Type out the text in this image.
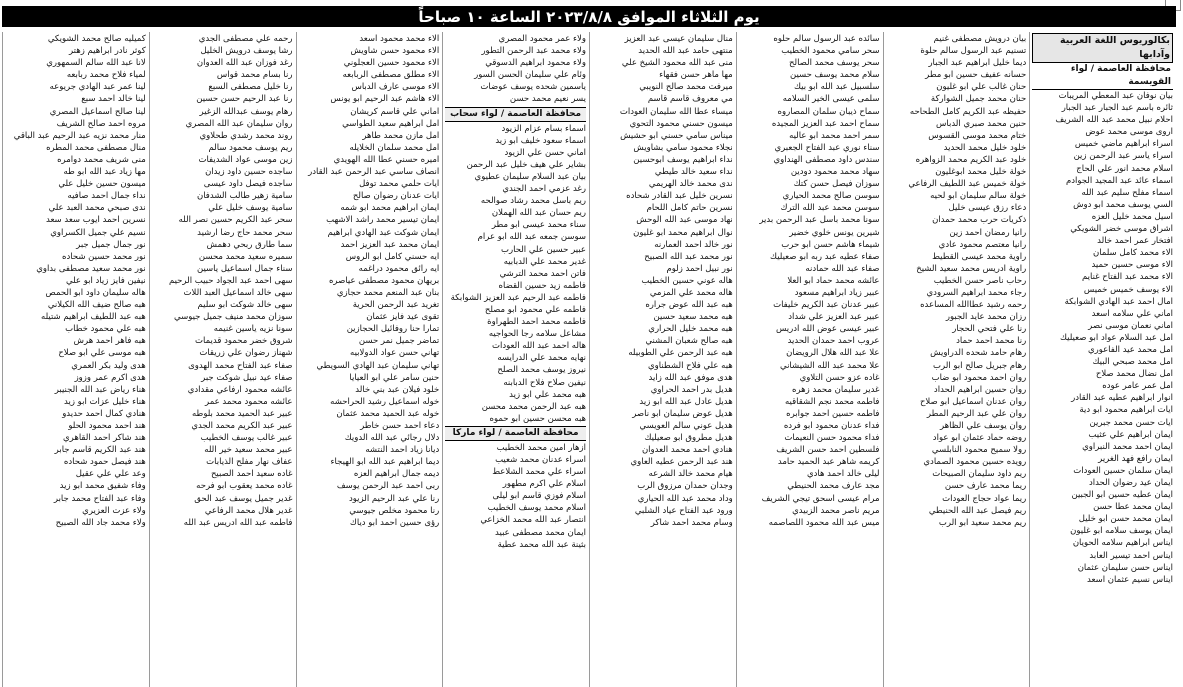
يوم الثلاثاء الموافق ٢٠٢٣/٨/٨ الساعة ١٠ صباحاً
بكالوريوس اللغة العربية وآدابها
محافظة العاصمة / لواء القويسمة
بيان نوفان عبد المعطي المريبات
ثائره باسم عبد الجبار عبد الجبار
احلام نبيل محمد عبد الله الشريف
اروى موسى محمد عوض
اسراء ابراهيم ماضي خميس
اسراء ياسر عبد الرحمن زين
اسلام محمد انور علي الحاج
اسماء عائد عبد المجيد الجوادم
اسماء مفلح سليم عبد الله
السي يوسف محمد ابو دوش
اسيل محمد خليل العزه
اشراق موسى خضر الشويكي
افتخار عمر احمد خالد
الاء محمد كامل سلمان
الاء موسى حسين حميد
الاء محمد عبد الفتاح غنايم
الاء يوسف خميس خميس
امال احمد عبد الهادي الشوابكة
اماني علي سلامه اسعد
اماني نعمان موسى نصر
امل عبد السلام عواد ابو صعيليك
امل محمد عيد الفاعوري
امل محمد صبحي البيك
امل نضال محمد صلاح
امل عمر عامر عوده
انوار ابراهيم عطيه عبد القادر
ايات ابراهيم محمود ابو دية
ايات حسن محمد جبرين
ايمان ابراهيم علي عثيب
ايمان احمد محمد النبراوي
ايمان رافع فهد الغرير
ايمان سلمان حسين العودات
ايمان عيد رضوان الحداد
ايمان عطيه حسين ابو الجبين
ايمان محمد عطا حسن
ايمان محمد حسن ابو خليل
ايمان يوسف سلامه ابو غليون
ايناس ابراهيم سلامه الحويان
ايناس احمد تيسير العابد
ايناس حسن سليمان عثمان
ايناس نسيم عثمان اسعد
بيان درويش مصطفى غنيم
تسنيم عبد الرسول سالم حلوة
ديما خليل ابراهيم عبد الجبار
حسانه عفيف حسين ابو مطر
حنان غالب علي ابو غليون
حنان محمد جميل الشواركة
حفيظه عبد الكريم كامل الطحاحه
حنين محمد صبري الدباس
ختام محمد موسى القسوس
خلود خليل محمد الحديد
خلود عبد الكريم محمد الزواهره
خولة خليل محمد ابوغليون
خولة خميس عبد اللطيف الرفاعي
خولة سالم سليمان ابو لحيه
دعاء رزق عيسى خليل
ذكريات حرب محمد حمدان
رانيا رمضان احمد زين
رانيا معتصم محمود عادي
راوية محمد عيسى القطيط
راوية ادريس محمد سعيد الشيخ
رحاب ناصر حسن الخطيب
رجاء محمد ابراهيم السرودي
رحمه رشيد عطاالله المساعده
رزان محمد عايد الجبور
رنا علي فتحي الحجار
رنا محمد احمد حماد
رهام حامد شحده الدراويش
رهام جبريل صالح ابو الرب
روان احمد محمود ابو ضاب
روان حسين ابراهيم الحداد
روان عدنان اسماعيل ابو صلاح
روان علي عبد الرحيم المطر
روان يوسف علي الظاهر
روضه حماد عثمان ابو عواد
رولا سميح محمود النابلسي
رويده حسين محمود الصمادي
ريم داود سليمان الصبيحات
ريما محمد عارف حسن
ريما عواد حجاج العودات
ريم فيصل عبد الله الحنيطي
ريم محمد سعيد ابو الرب
سائده عبد الرسول سالم حلوه
سحر سامي محمود الخطيب
سحر يوسف محمد الصالح
سلام محمد يوسف حسين
سلسبيل عبد الله ابو بيك
سلمى عيسى الخير السلامه
سماح ذيبان سلمان المصاروه
سماح احمد عبد العزيز المجيده
سمر احمد محمد ابو عاليه
سناء نوري عبد الفتاح الجعبري
سندس داود مصطفى الهنداوي
سهاد محمد محمود دودين
سوزان فيصل حسن كتك
سوسن صالح محمد الحياري
سوسن محمد عبد الله الترك
سونا محمد باسل عبد الرحمن بدير
شيرين يونس خلوي خضير
شيماء هاشم حسن ابو حرب
صفاء عطيه عبد ربه ابو صعيليك
صفاء عبد الله حمادنه
عائشه محمد حماد ابو العلا
عبير زياد ابراهيم مسعود
عبير عدنان عبد الكريم خليفات
عبير عبد العزيز علي شداد
عبير عيسى عوض الله ادريس
عروب احمد حمدان الحديد
علا عبد الله هلال الرويضان
علا محمد عبد الله الشيشاني
غاده عزو حسن التلاوي
غدير سليمان محمد زهره
فاطمه محمد نجم الشقاقيه
فاطمه حسين احمد جوابره
فداء عدنان محمود ابو فرده
فداء محمود حسن النعيمات
فلسطين احمد حسن الشريف
كريمه شاهر عبد الحميد حامد
ليلى خالد احمد هادي
مجد عارف محمد الحنيطي
مرام عيسى اسحق تيجي الشريف
مريم ناصر محمد الزبيدي
ميس عبد الله محمود اللصاصمه
منال سليمان عيسى عبد العزيز
منتهى حامد عبد الله الحديد
منى عبد الله محمود الشيخ علي
مها ماهر حسن فقهاء
ميرفت محمد صالح النويبي
مي معروف قاسم قاسم
ميساء عطا الله سليمان العودات
ميسون حسني محمود التحوي
ميناس سامي حسني ابو حشيش
نجلاء محمود سامي بشاويش
نداء ابراهيم يوسف ابوحسين
نداء سعيد خالد طيطي
ندى محمد خالد الهريمي
نسرين خليل عبد القادر شحاده
نسرين حاتم كامل اللحام
نهاد موسى عبد الله الوحش
نوال ابراهيم محمد ابو غليون
نور خالد احمد العمارنه
نور محمد عبد الله الصبيح
نور نبيل احمد زلوم
هاله عوني حسين الخطيب
هاله محمد علي المزمي
هبه عبد الله عوض جراره
هبه محمد سعيد حسين
هبه محمد خليل الحراري
هبه صالح شعبان المشني
هبه عبد الرحمن علي الطوبيله
هبه علي فلاح الشطناوي
هدى موفق عبد الله زايد
هديل بدر احمد الحراوي
هديل عادل عبد الله ابو زيد
هديل عوض سليمان ابو ناصر
هديل عوني سالم العويسي
هديل مطروق ابو صعيليك
هنادي احمد محمد العدوان
هند عبد الرحمن عطيه العاوي
هيام محمد خالد الشرعه
وجدان حمدان مرزوق الرب
وداد محمد عبد الله الحياري
ورود عبد الفتاح عياد الشلبي
وسام محمد احمد شاكر
ولاء عمر محمود المصري
ولاء محمد عبد الرحمن التطور
ولاء محمود ابراهيم الدسوقي
وئام علي سليمان الحسن السور
ياسمين شحده يوسف عوضات
يسر نعيم محمد حسن
محافظة العاصمة / لواء سحاب
اسماء بسام عزام الزيود
اسماء سعود خليف ابو زيد
اماني حسن علي الزيود
بشاير علي هيف خليل عبد الرحمن
بيان عبد السلام سليمان عطيوي
رغد عزمي احمد الجندي
ريم باسل محمد رشاد صوالحه
ريم حسان عبد الله الهملان
سناء محمد عيسى ابو مطر
سوسن جمعه عبد الله ابو عرام
عبير حسين علي الحارب
غدير محمد علي الدبابيه
فاتن احمد محمد الترشي
فاطمه زيد حسين القضاه
فاطمه عبد الرحيم عبد العزيز الشوابكة
فاطمه علي محمود ابو مصلح
فاطمه محمد احمد الطهراوة
مشاعل سلامه رجا الحواجيه
هاله احمد عبد الله العودات
نهايه محمد علي الدرايسه
نيروز يوسف محمد الصلح
نيفين صلاح فلاح الدبابنه
هبه محمد علي ابو زيد
هبه عبد الرحمن محمد محسن
هبه محسن حسين ابو حموه
محافظة العاصمة / لواء ماركا
ازهار امين محمد الخطيب
اسراء عدنان محمد شعيب
اسراء علي محمد الشلاعط
اسلام علي اكرم مطهور
اسلام فوزي قاسم ابو ليلى
اسلام محمد يوسف الخطيب
انتصار عبد الله محمد الخزاعي
ايمان محمد مصطفى عبيد
بثينة عبد الله محمد عطية
الاء محمد محمود اسعد
الاء محمود حسن شاويش
الاء محمود حسين العجلوني
الاء مطلق مصطفى الربابعه
الاء موسى عارف الدباس
الاء هاشم عبد الرحيم ابو يونس
اماني علي قاسم كريشان
امل ابراهيم سعيد الطواسي
امل مازن محمد طاهر
امل محمد سلمان الخلايله
اميره حسني عطا الله الهويدي
انصاف ساسي عبد الرحمن عبد القادر
ايات حلمي محمد توفل
ايات عدنان رضوان صالح
ايمان ابراهيم محمد ابو شمه
ايمان تيسير محمد راشد الاشهب
ايمان شوكت عبد الهادي ابراهيم
ايمان محمد عبد العزيز احمد
ايه حسني كامل ابو الروس
ايه رائق محمود دراغمه
بريهان محمود مصطفى عياصره
بنان عبد المنعم محمد حجازي
تغريد عبد الرحمن الحرية
تقوى عيد فايز عثمان
تمارا حنا روفائيل الحجازين
تماضر جميل نمر حسن
تهاني حسن عواد الدولابيه
تهاني سليمان عبد الهادي السويطي
حنين سامر علي ابو العيايا
خلود فيلان عبد بني خالد
خوله اسماعيل رشيد الحراحشه
خوله عبد الحميد محمد عثمان
دعاء احمد حسن خاطر
دلال رجائي عبد الله الدويك
ديانا زياد احمد النتشه
ديما ابراهيم عبد الله ابو الهيجاء
ديمه جمال ابراهيم العزه
ربى احمد عبد الرحمن يوسف
رنا علي عبد الرحيم الزيود
رنا محمود مخلص جيوسي
رؤى حسين احمد ابو دياك
رحمه علي مصطفى الجدي
رشا يوسف درويش الخليل
رغد فوزان عبد الله العدوان
رنا بسام محمد قواس
رنا خليل مصطفى السبع
رنا عبد الرحيم حسن حسين
رهام يوسف عبدالله الزغير
روان سليمان عبد الله المصري
روند محمد رشدي طحلاوي
ريم يوسف محمود سالم
زين موسى عواد الشديفات
ساجده حسين داود زيدان
ساجده فيصل داود عيسى
سامية زهير طالب الشدفان
سامية يوسف خليل علي
سحر عبد الكريم حسين نصر الله
سحر محمد حاج رضا ارشيد
سما طارق ربحي دهمش
سميره سعيد محمد محسن
سناء جمال اسماعيل ياسين
سهى احمد عبد الجواد حبيب الرحيم
سهى خالد اسماعيل العبد اللات
سهى خالد شوكت ابو سليم
سوزان محمد منيف جميل جيوسي
سونا نزيه ياسين غنيمه
شروق خضر محمود قديمات
شهناز رضوان علي زريقات
صفاء عبد الفتاح محمد الهدوى
صفاء عيد نبيل شوكت جبر
عائشه محمود ارفاعي مقدادي
عائشه محمود محمد عمر
عبير عبد الحميد محمد بلوطه
عبير عبد الكريم محمد الجدي
عبير غالب يوسف الخطيب
عبير محمد سعيد خير الله
عفاف نهار مفلح الذيابات
غاده سعيد احمد الصبيح
غاده محمد يعقوب ابو فرحه
غدير جميل يوسف عبد الحق
غدير هلال محمد الرفاعي
فاطمه عبد الله ادريس عبد الله
كميليه صالح محمد الشويكي
كوثر نادر ابراهيم زهتر
لانا عبد الله سالم السمهوري
لمياء فلاح محمد ربابعه
لينا عمر عبد الهادي جريوعه
لينا خالد احمد سبع
لينا صالح اسماعيل المصري
مروه احمد صالح الشريف
منار محمد نزيه عبد الرحيم عبد الباقي
منال مصطفى محمد المطره
منى شريف محمد دوامره
مها زياد عبد الله ابو طه
ميسون حسين خليل علي
نداء جمال احمد صافيه
ندى صبحي محمد العبد علي
نسرين احمد ايوب سعد سعد
نسيم علي جميل الكسراوي
نور جمال جميل جبر
نور محمد حسين شحاده
نور محمد سعيد مصطفى بداوي
نيفين فايز زياد ابو علي
هاله سليمان داود ابو الحمص
هبه صالح ضيف الله الكيلاني
هبه عبد اللطيف ابراهيم شتيله
هبه علي محمود خطاب
هبه فاهر احمد هرش
هبه موسى علي ابو صلاح
هدى وليد بكر العمري
هدى اكرم عمر وزوز
هناء رياض عبد الله الجنيبر
هناء خليل عزات ابو زيد
هنادي كمال احمد حديدو
هند احمد محمود الحلو
هند شاكر احمد القاهري
هند عبد الكريم قاسم جابر
هند فيصل حمود شحاده
وعد علي علي عقيل
وفاء شفيق محمد ابو زيد
وفاء عبد الفتاح محمد جابر
ولاء عزت العزيري
ولاء محمد جاد الله الصبيح
